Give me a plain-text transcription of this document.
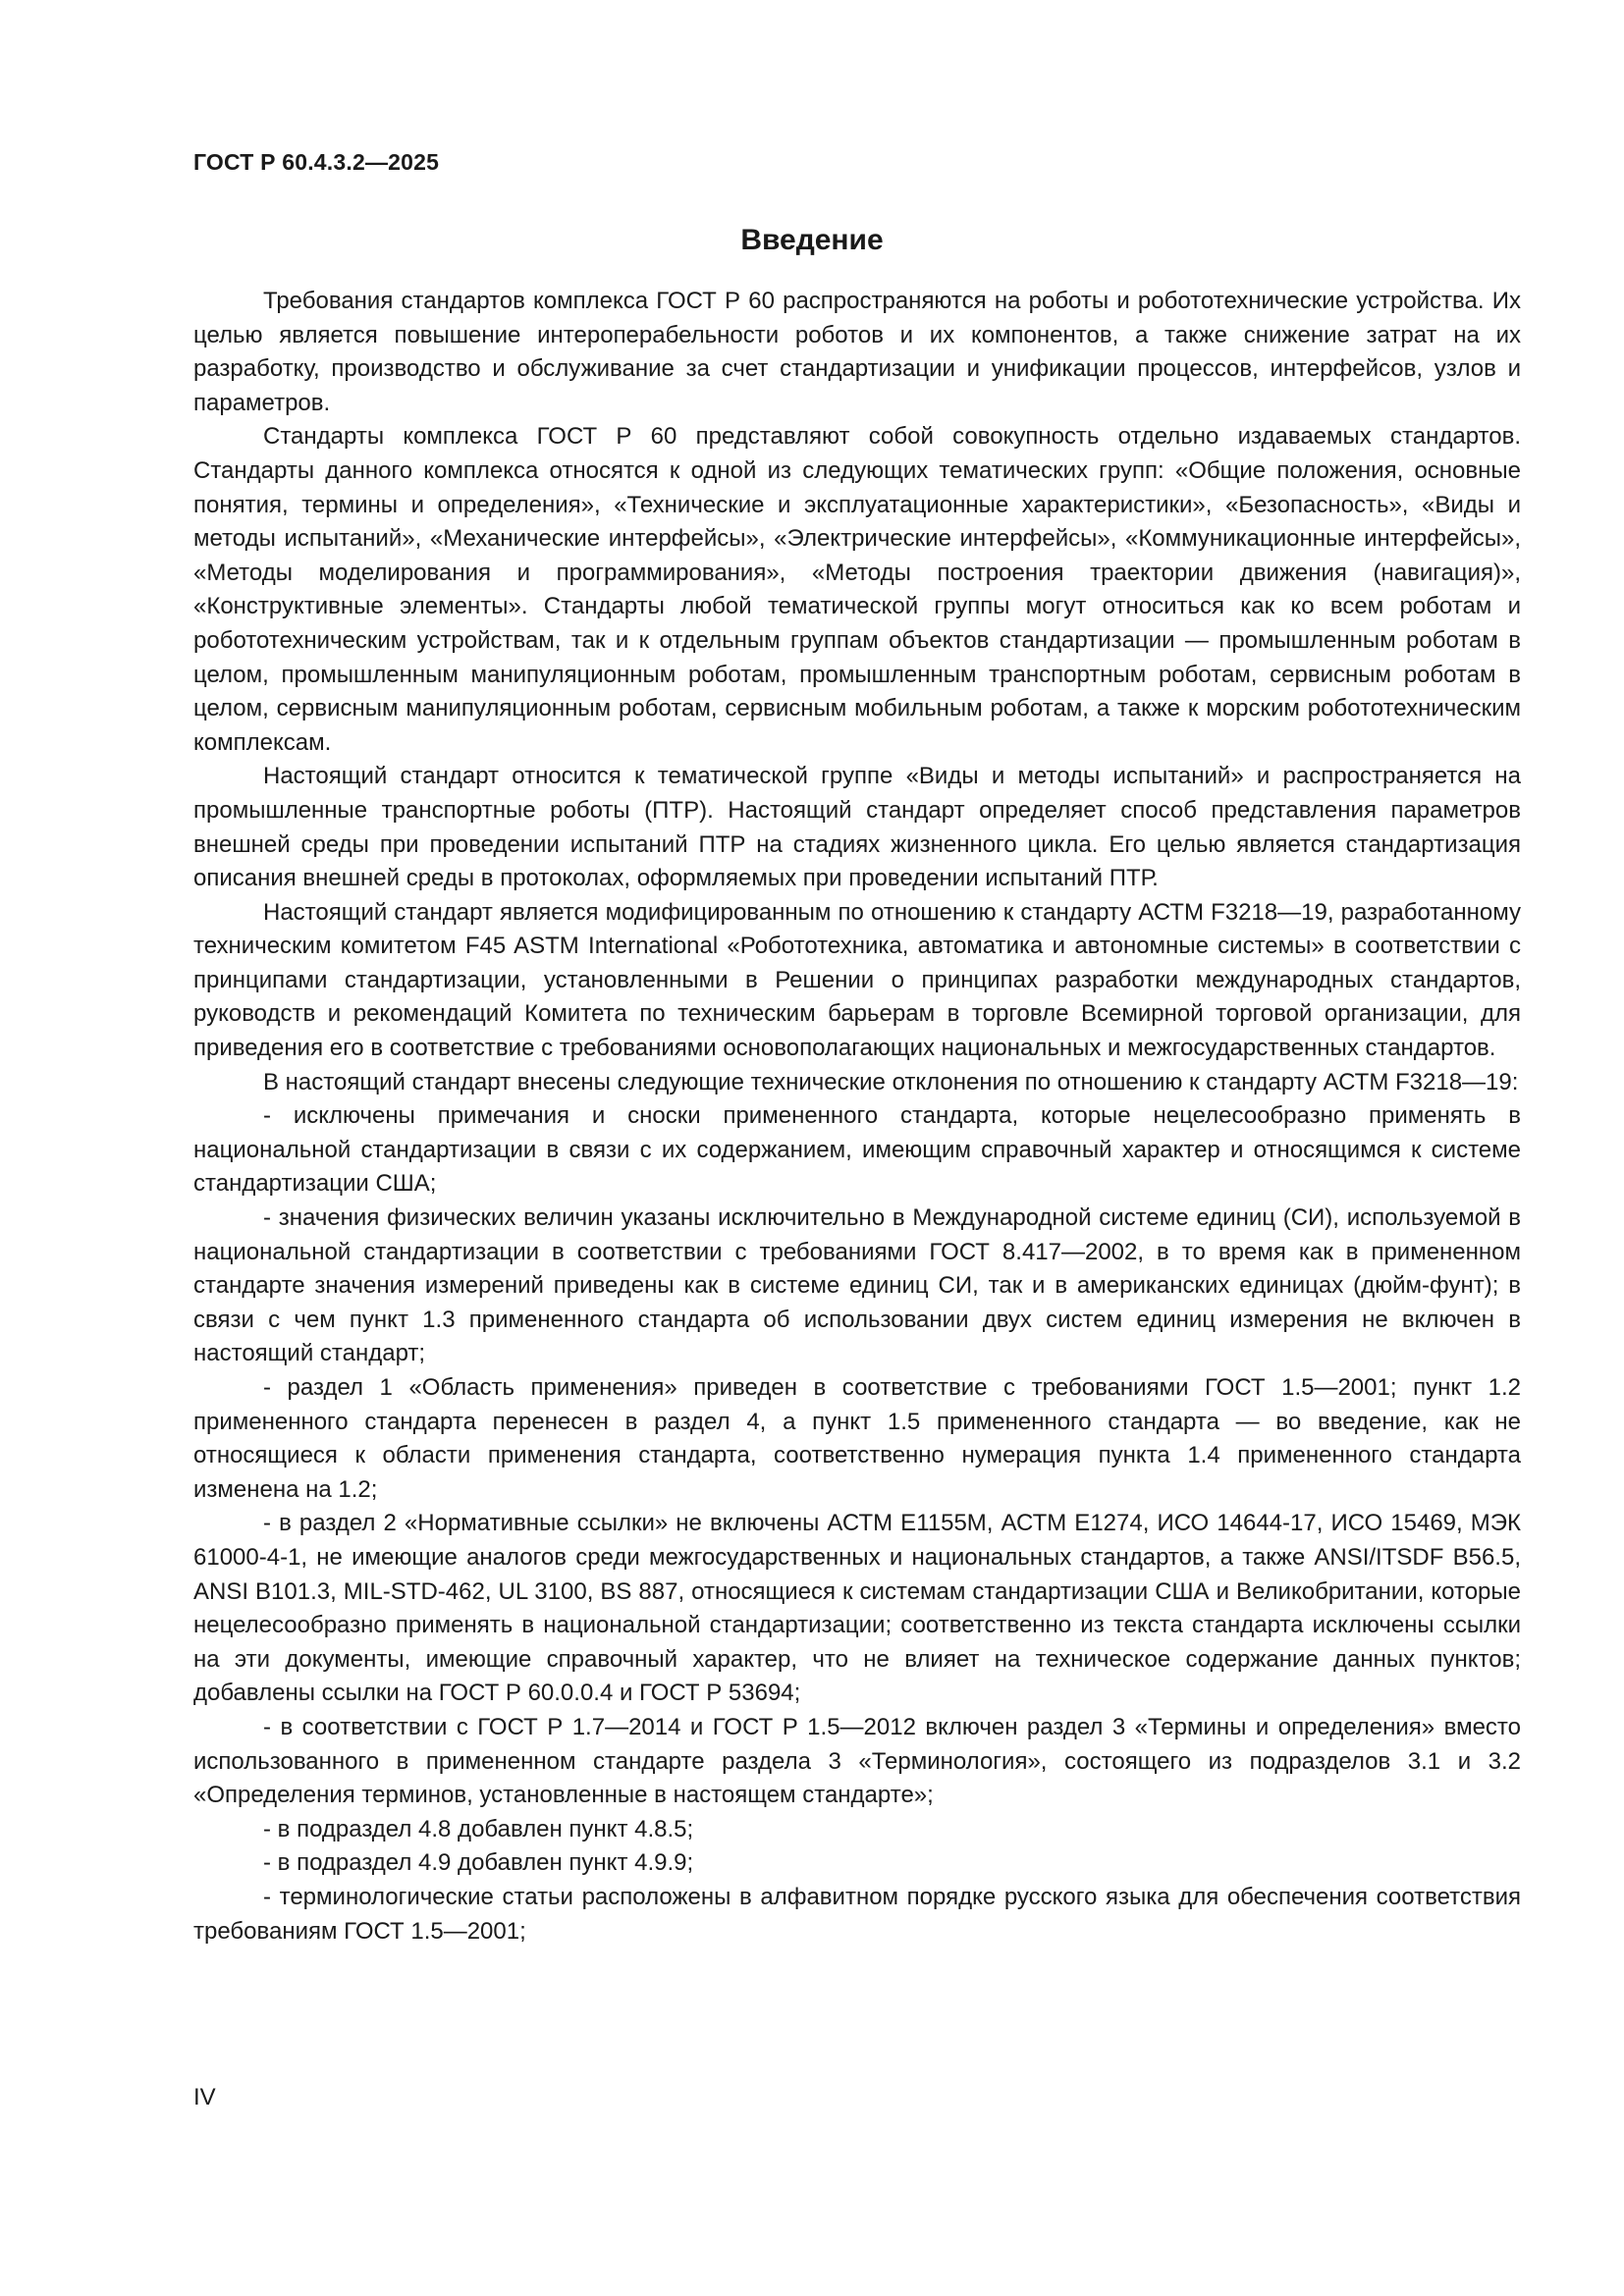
ГОСТ Р 60.4.3.2—2025
Введение

Требования стандартов комплекса ГОСТ Р 60 распространяются на роботы и робототехнические устройства. Их целью является повышение интероперабельности роботов и их компонентов, а также снижение затрат на их разработку, производство и обслуживание за счет стандартизации и унификации процессов, интерфейсов, узлов и параметров.

Стандарты комплекса ГОСТ Р 60 представляют собой совокупность отдельно издаваемых стандартов. Стандарты данного комплекса относятся к одной из следующих тематических групп: «Общие положения, основные понятия, термины и определения», «Технические и эксплуатационные характеристики», «Безопасность», «Виды и методы испытаний», «Механические интерфейсы», «Электрические интерфейсы», «Коммуникационные интерфейсы», «Методы моделирования и программирования», «Методы построения траектории движения (навигация)», «Конструктивные элементы». Стандарты любой тематической группы могут относиться как ко всем роботам и робототехническим устройствам, так и к отдельным группам объектов стандартизации — промышленным роботам в целом, промышленным манипуляционным роботам, промышленным транспортным роботам, сервисным роботам в целом, сервисным манипуляционным роботам, сервисным мобильным роботам, а также к морским робототехническим комплексам.

Настоящий стандарт относится к тематической группе «Виды и методы испытаний» и распространяется на промышленные транспортные роботы (ПТР). Настоящий стандарт определяет способ представления параметров внешней среды при проведении испытаний ПТР на стадиях жизненного цикла. Его целью является стандартизация описания внешней среды в протоколах, оформляемых при проведении испытаний ПТР.

Настоящий стандарт является модифицированным по отношению к стандарту АСТМ F3218—19, разработанному техническим комитетом F45 ASTM International «Робототехника, автоматика и автономные системы» в соответствии с принципами стандартизации, установленными в Решении о принципах разработки международных стандартов, руководств и рекомендаций Комитета по техническим барьерам в торговле Всемирной торговой организации, для приведения его в соответствие с требованиями основополагающих национальных и межгосударственных стандартов.

В настоящий стандарт внесены следующие технические отклонения по отношению к стандарту АСТМ F3218—19:

- исключены примечания и сноски примененного стандарта, которые нецелесообразно применять в национальной стандартизации в связи с их содержанием, имеющим справочный характер и относящимся к системе стандартизации США;

- значения физических величин указаны исключительно в Международной системе единиц (СИ), используемой в национальной стандартизации в соответствии с требованиями ГОСТ 8.417—2002, в то время как в примененном стандарте значения измерений приведены как в системе единиц СИ, так и в американских единицах (дюйм-фунт); в связи с чем пункт 1.3 примененного стандарта об использовании двух систем единиц измерения не включен в настоящий стандарт;

- раздел 1 «Область применения» приведен в соответствие с требованиями ГОСТ 1.5—2001; пункт 1.2 примененного стандарта перенесен в раздел 4, а пункт 1.5 примененного стандарта — во введение, как не относящиеся к области применения стандарта, соответственно нумерация пункта 1.4 примененного стандарта изменена на 1.2;

- в раздел 2 «Нормативные ссылки» не включены АСТМ Е1155М, АСТМ Е1274, ИСО 14644-17, ИСО 15469, МЭК 61000-4-1, не имеющие аналогов среди межгосударственных и национальных стандартов, а также ANSI/ITSDF B56.5, ANSI B101.3, MIL-STD-462, UL 3100, BS 887, относящиеся к системам стандартизации США и Великобритании, которые нецелесообразно применять в национальной стандартизации; соответственно из текста стандарта исключены ссылки на эти документы, имеющие справочный характер, что не влияет на техническое содержание данных пунктов; добавлены ссылки на ГОСТ Р 60.0.0.4 и ГОСТ Р 53694;

- в соответствии с ГОСТ Р 1.7—2014 и ГОСТ Р 1.5—2012 включен раздел 3 «Термины и определения» вместо использованного в примененном стандарте раздела 3 «Терминология», состоящего из подразделов 3.1 и 3.2 «Определения терминов, установленные в настоящем стандарте»;

- в подраздел 4.8 добавлен пункт 4.8.5;

- в подраздел 4.9 добавлен пункт 4.9.9;

- терминологические статьи расположены в алфавитном порядке русского языка для обеспечения соответствия требованиям ГОСТ 1.5—2001;

IV
